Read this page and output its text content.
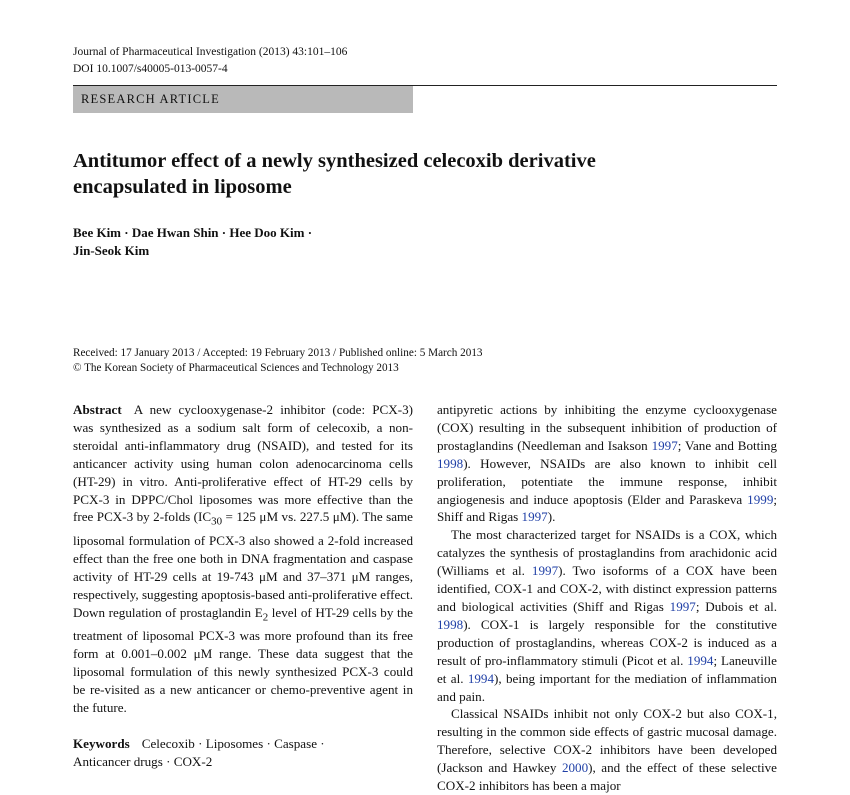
Journal of Pharmaceutical Investigation (2013) 43:101–106
DOI 10.1007/s40005-013-0057-4
RESEARCH ARTICLE
Antitumor effect of a newly synthesized celecoxib derivative
encapsulated in liposome
Bee Kim · Dae Hwan Shin · Hee Doo Kim ·
Jin-Seok Kim
Received: 17 January 2013 / Accepted: 19 February 2013 / Published online: 5 March 2013
© The Korean Society of Pharmaceutical Sciences and Technology 2013

Abstract A new cyclooxygenase-2 inhibitor (code: PCX-3) was synthesized as a sodium salt form of celecoxib, a non-steroidal anti-inflammatory drug (NSAID), and tested for its anticancer activity using human colon adenocarcinoma cells (HT-29) in vitro. Anti-proliferative effect of HT-29 cells by PCX-3 in DPPC/Chol liposomes was more effective than the free PCX-3 by 2-folds ($IC_{30} = 125$ μM vs. 227.5 μM). The same liposomal formulation of PCX-3 also showed a 2-fold increased effect than the free one both in DNA fragmentation and caspase activity of HT-29 cells at 19-743 μM and 37–371 μM ranges, respectively, suggesting apoptosis-based anti-proliferative effect. Down regulation of prostaglandin $E_2$ level of HT-29 cells by the treatment of liposomal PCX-3 was more profound than its free form at 0.001–0.002 μM range. These data suggest that the liposomal formulation of this newly synthesized PCX-3 could be re-visited as a new anticancer or chemo-preventive agent in the future.

Keywords Celecoxib · Liposomes · Caspase ·
Anticancer drugs · COX-2

antipyretic actions by inhibiting the enzyme cyclooxygenase (COX) resulting in the subsequent inhibition of production of prostaglandins (Needleman and Isakson 1997; Vane and Botting 1998). However, NSAIDs are also known to inhibit cell proliferation, potentiate the immune response, inhibit angiogenesis and induce apoptosis (Elder and Paraskeva 1999; Shiff and Rigas 1997).

The most characterized target for NSAIDs is a COX, which catalyzes the synthesis of prostaglandins from arachidonic acid (Williams et al. 1997). Two isoforms of a COX have been identified, COX-1 and COX-2, with distinct expression patterns and biological activities (Shiff and Rigas 1997; Dubois et al. 1998). COX-1 is largely responsible for the constitutive production of prostaglandins, whereas COX-2 is induced as a result of pro-inflammatory stimuli (Picot et al. 1994; Laneuville et al. 1994), being important for the mediation of inflammation and pain.

Classical NSAIDs inhibit not only COX-2 but also COX-1, resulting in the common side effects of gastric mucosal damage. Therefore, selective COX-2 inhibitors have been developed (Jackson and Hawkey 2000), and the effect of these selective COX-2 inhibitors has been a major
